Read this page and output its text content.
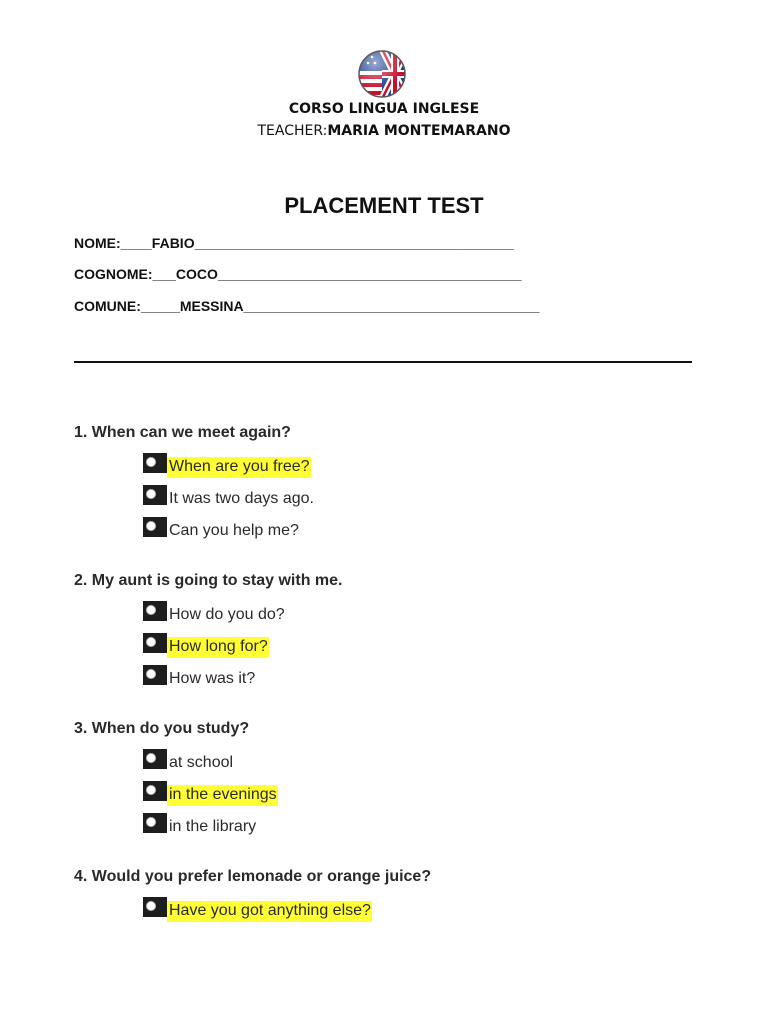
CORSO LINGUA INGLESE
TEACHER:MARIA MONTEMARANO
PLACEMENT TEST
NOME:____FABIO_________________________________________
COGNOME:___COCO_______________________________________
COMUNE:_____MESSINA______________________________________
1. When can we meet again?
When are you free?
It was two days ago.
Can you help me?
2. My aunt is going to stay with me.
How do you do?
How long for?
How was it?
3. When do you study?
at school
in the evenings
in the library
4. Would you prefer lemonade or orange juice?
Have you got anything else?
